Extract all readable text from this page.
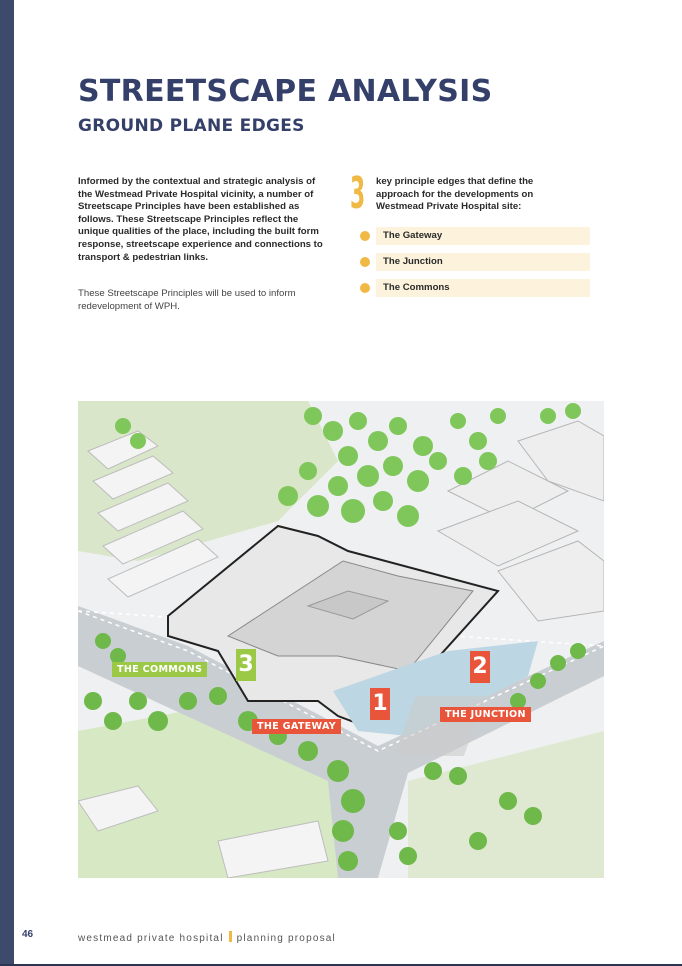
STREETSCAPE ANALYSIS
GROUND PLANE EDGES

Informed by the contextual and strategic analysis of the Westmead Private Hospital vicinity, a number of Streetscape Principles have been established as follows. These Streetscape Principles reflect the unique qualities of the place, including the built form response, streetscape experience and connections to transport & pedestrian links.

These Streetscape Principles will be used to inform redevelopment of WPH.

3 key principle edges that define the approach for the developments on Westmead Private Hospital site:

The Gateway
The Junction
The Commons
THE COMMONS 3
THE GATEWAY
1
2
THE JUNCTION
46	westmead private hospital planning proposal
